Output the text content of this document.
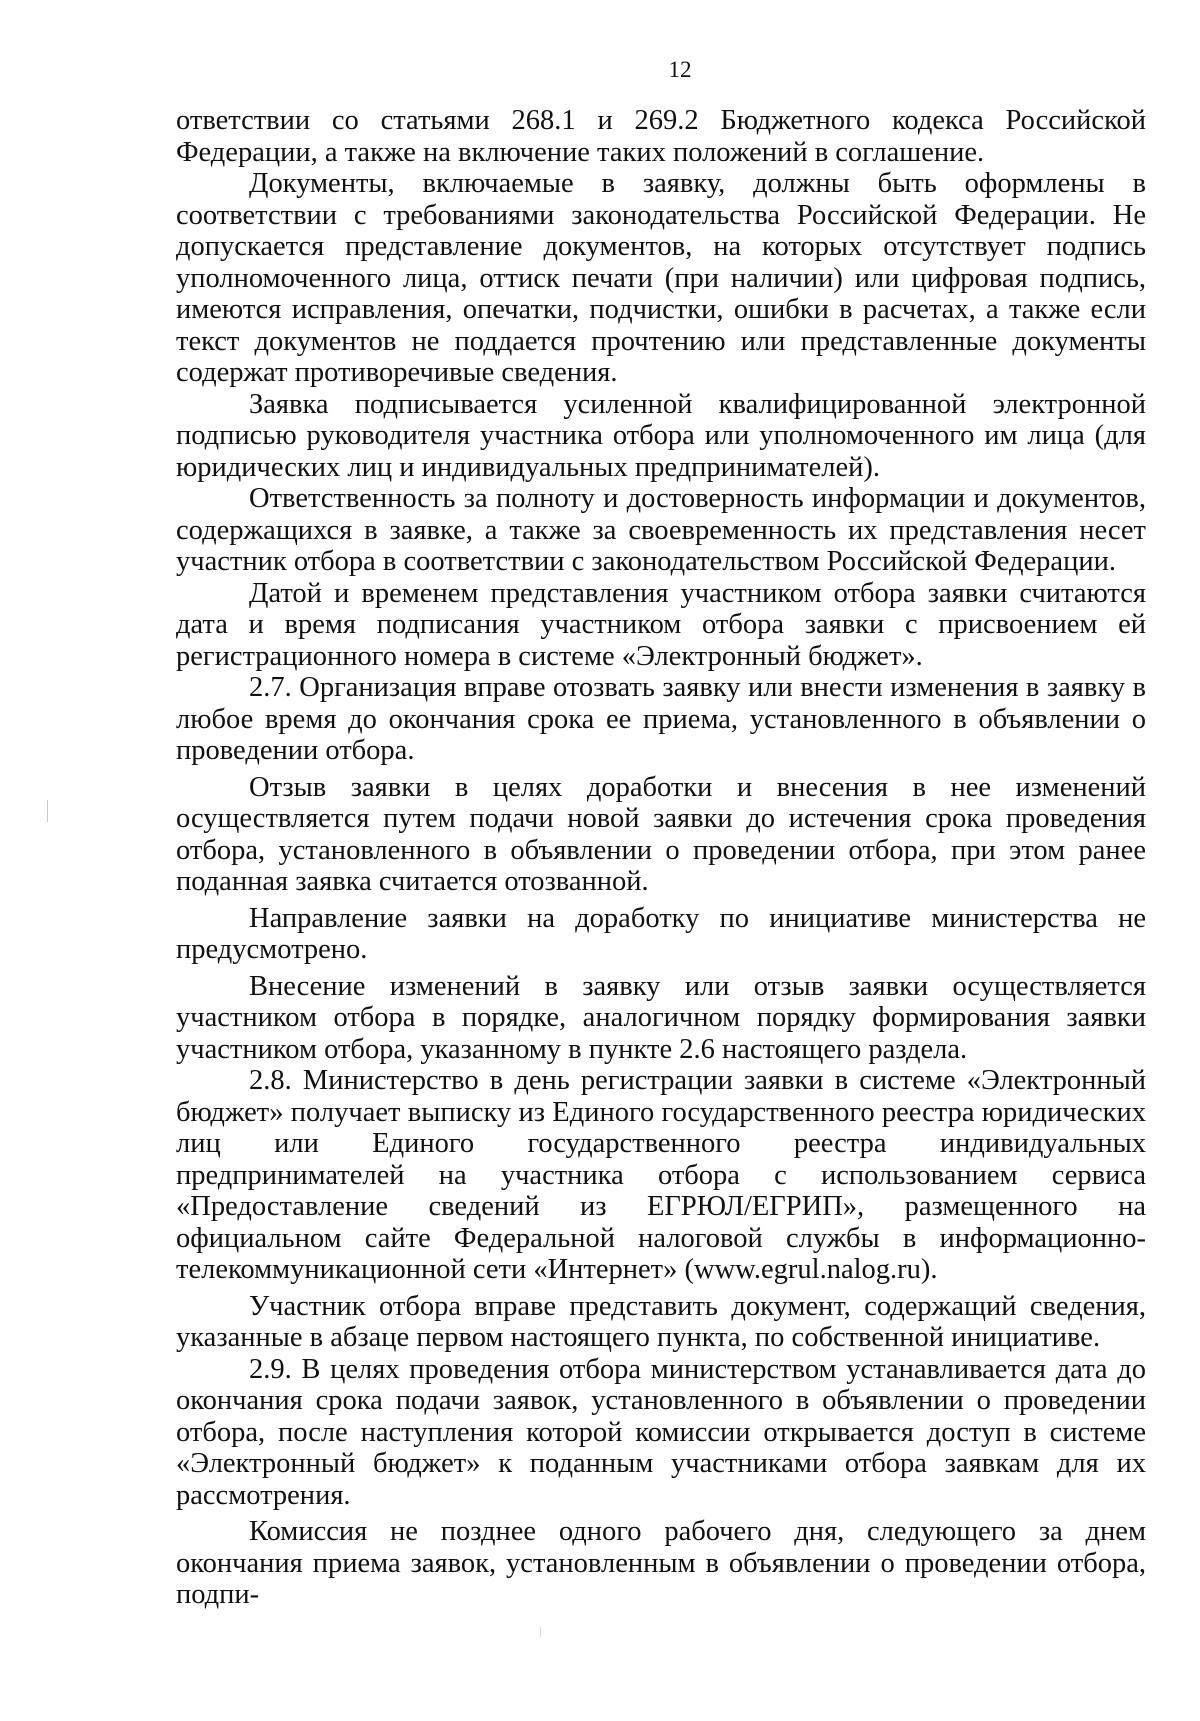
12

ответствии со статьями 268.1 и 269.2 Бюджетного кодекса Российской Федерации, а также на включение таких положений в соглашение.

Документы, включаемые в заявку, должны быть оформлены в соответствии с требованиями законодательства Российской Федерации. Не допускается представление документов, на которых отсутствует подпись уполномоченного лица, оттиск печати (при наличии) или цифровая подпись, имеются исправления, опечатки, подчистки, ошибки в расчетах, а также если текст документов не поддается прочтению или представленные документы содержат противоречивые сведения.

Заявка подписывается усиленной квалифицированной электронной подписью руководителя участника отбора или уполномоченного им лица (для юридических лиц и индивидуальных предпринимателей).

Ответственность за полноту и достоверность информации и документов, содержащихся в заявке, а также за своевременность их представления несет участник отбора в соответствии с законодательством Российской Федерации.

Датой и временем представления участником отбора заявки считаются дата и время подписания участником отбора заявки с присвоением ей регистрационного номера в системе «Электронный бюджет».

2.7. Организация вправе отозвать заявку или внести изменения в заявку в любое время до окончания срока ее приема, установленного в объявлении о проведении отбора.

Отзыв заявки в целях доработки и внесения в нее изменений осуществляется путем подачи новой заявки до истечения срока проведения отбора, установленного в объявлении о проведении отбора, при этом ранее поданная заявка считается отозванной.

Направление заявки на доработку по инициативе министерства не предусмотрено.

Внесение изменений в заявку или отзыв заявки осуществляется участником отбора в порядке, аналогичном порядку формирования заявки участником отбора, указанному в пункте 2.6 настоящего раздела.

2.8. Министерство в день регистрации заявки в системе «Электронный бюджет» получает выписку из Единого государственного реестра юридических лиц или Единого государственного реестра индивидуальных предпринимателей на участника отбора с использованием сервиса «Предоставление сведений из ЕГРЮЛ/ЕГРИП», размещенного на официальном сайте Федеральной налоговой службы в информационно-телекоммуникационной сети «Интернет» (www.egrul.nalog.ru).

Участник отбора вправе представить документ, содержащий сведения, указанные в абзаце первом настоящего пункта, по собственной инициативе.

2.9. В целях проведения отбора министерством устанавливается дата до окончания срока подачи заявок, установленного в объявлении о проведении отбора, после наступления которой комиссии открывается доступ в системе «Электронный бюджет» к поданным участниками отбора заявкам для их рассмотрения.

Комиссия не позднее одного рабочего дня, следующего за днем окончания приема заявок, установленным в объявлении о проведении отбора, подпи-
